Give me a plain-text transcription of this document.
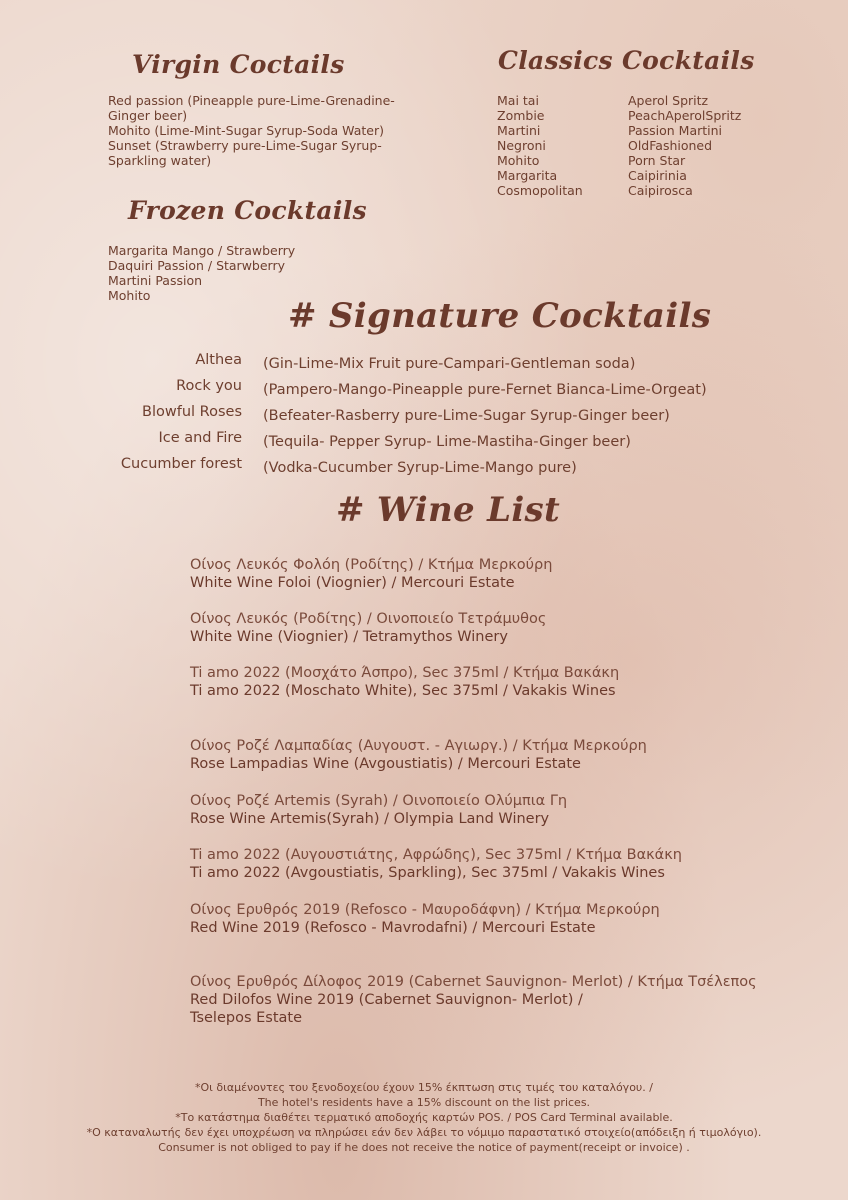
Virgin Coctails
Red passion (Pineapple pure-Lime-Grenadine-
Ginger beer)
Mohito (Lime-Mint-Sugar Syrup-Soda Water)
Sunset (Strawberry pure-Lime-Sugar Syrup-
Sparkling water)
Frozen Cocktails
Margarita Mango / Strawberry
Daquiri Passion / Starwberry
Martini Passion
Mohito
Classics Cocktails
Mai tai
Zombie
Martini
Negroni
Mohito
Margarita
Cosmopolitan
Aperol Spritz
PeachAperolSpritz
Passion Martini
OldFashioned
Porn Star
Caipirinia
Caipirosca
# Signature Cocktails
Althea
Rock you
Blowful Roses
Ice and Fire
Cucumber forest
(Gin-Lime-Mix Fruit pure-Campari-Gentleman soda)
(Pampero-Mango-Pineapple pure-Fernet Bianca-Lime-Orgeat)
(Befeater-Rasberry pure-Lime-Sugar Syrup-Ginger beer)
(Tequila- Pepper Syrup- Lime-Mastiha-Ginger beer)
(Vodka-Cucumber Syrup-Lime-Mango pure)
# Wine List
Οίνος Λευκός Φολόη (Ροδίτης) / Κτήμα Μερκούρη
White Wine Foloi (Viognier) / Mercouri Estate
Οίνος Λευκός (Ροδίτης) / Οινοποιείο Τετράμυθος
White Wine (Viognier) / Tetramythos Winery
Ti amo 2022 (Μοσχάτο Άσπρο), Sec 375ml / Κτήμα Βακάκη
Ti amo 2022 (Moschato White), Sec 375ml / Vakakis Wines
Οίνος Ροζέ Λαμπαδίας (Αυγουστ. - Αγιωργ.) / Κτήμα Μερκούρη
Rose Lampadias Wine (Avgoustiatis) / Mercouri Estate
Οίνος Ροζέ Artemis (Syrah) / Οινοποιείο Ολύμπια Γη
Rose Wine Artemis(Syrah) / Olympia Land Winery
Ti amo 2022 (Αυγουστιάτης, Αφρώδης), Sec 375ml / Κτήμα Βακάκη
Ti amo 2022 (Avgoustiatis, Sparkling), Sec 375ml / Vakakis Wines
Οίνος Ερυθρός 2019 (Refosco - Μαυροδάφνη) / Κτήμα Μερκούρη
Red Wine 2019 (Refosco - Mavrodafni) / Mercouri Estate
Οίνος Ερυθρός Δίλοφος 2019 (Cabernet Sauvignon- Merlot) / Κτήμα Τσέλεπος
Red Dilofos Wine 2019 (Cabernet Sauvignon- Merlot) /
Tselepos Estate
*Οι διαμένοντες του ξενοδοχείου έχουν 15% έκπτωση στις τιμές του καταλόγου. /
The hotel's residents have a 15% discount on the list prices.
*Το κατάστημα διαθέτει τερματικό αποδοχής καρτών POS. / POS Card Terminal available.
*Ο καταναλωτής δεν έχει υποχρέωση να πληρώσει εάν δεν λάβει το νόμιμο παραστατικό στοιχείο(απόδειξη ή τιμολόγιο).
Consumer is not obliged to pay if he does not receive the notice of payment(receipt or invoice) .
